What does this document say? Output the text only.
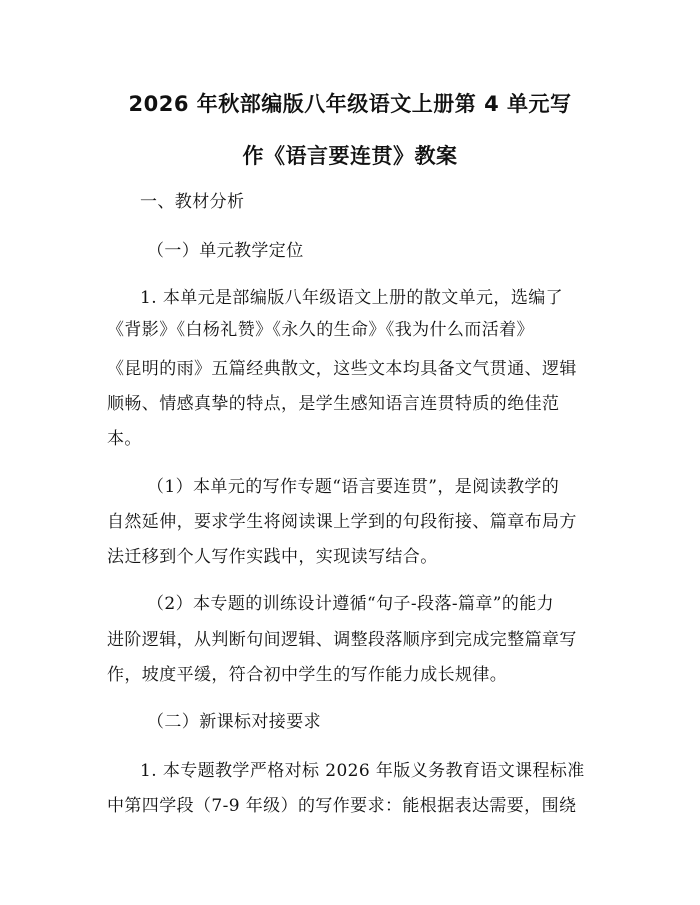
2026 年秋部编版八年级语文上册第 4 单元写
作《语言要连贯》教案

一、教材分析

（一）单元教学定位

1. 本单元是部编版八年级语文上册的散文单元，选编了

《背影》《白杨礼赞》《永久的生命》《我为什么而活着》

《昆明的雨》五篇经典散文，这些文本均具备文气贯通、逻辑

顺畅、情感真挚的特点，是学生感知语言连贯特质的绝佳范

本。

（1）本单元的写作专题“语言要连贯”，是阅读教学的

自然延伸，要求学生将阅读课上学到的句段衔接、篇章布局方

法迁移到个人写作实践中，实现读写结合。

（2）本专题的训练设计遵循“句子-段落-篇章”的能力

进阶逻辑，从判断句间逻辑、调整段落顺序到完成完整篇章写

作，坡度平缓，符合初中学生的写作能力成长规律。

（二）新课标对接要求

1. 本专题教学严格对标 2026 年版义务教育语文课程标准

中第四学段（7-9 年级）的写作要求：能根据表达需要，围绕
